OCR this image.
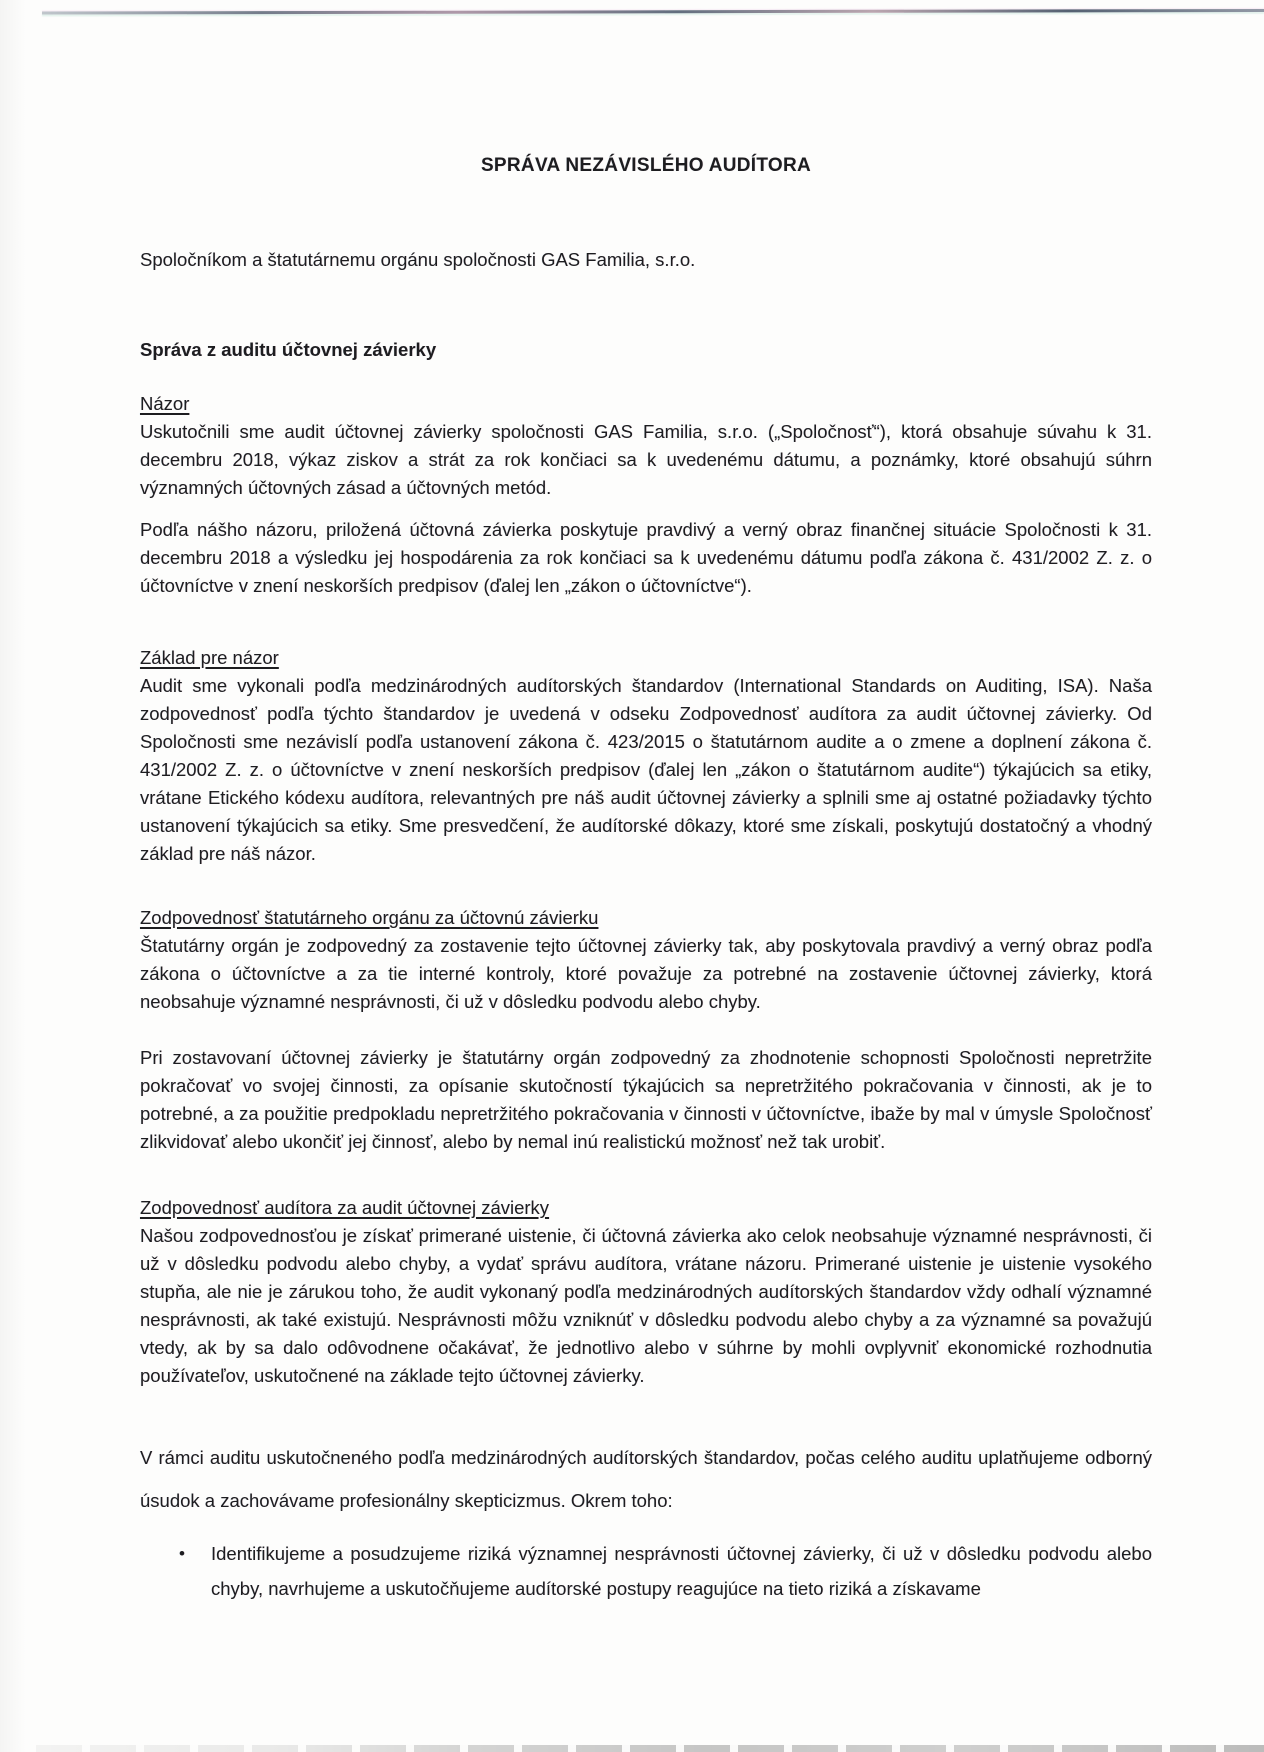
SPRÁVA NEZÁVISLÉHO AUDÍTORA

Spoločníkom a štatutárnemu orgánu spoločnosti GAS Familia, s.r.o.

Správa z auditu účtovnej závierky
Názor

Uskutočnili sme audit účtovnej závierky spoločnosti GAS Familia, s.r.o. („Spoločnosť“), ktorá obsahuje súvahu k 31. decembru 2018, výkaz ziskov a strát za rok končiaci sa k uvedenému dátumu, a poznámky, ktoré obsahujú súhrn významných účtovných zásad a účtovných metód.

Podľa nášho názoru, priložená účtovná závierka poskytuje pravdivý a verný obraz finančnej situácie Spoločnosti k 31. decembru 2018 a výsledku jej hospodárenia za rok končiaci sa k uvedenému dátumu podľa zákona č. 431/2002 Z. z. o účtovníctve v znení neskorších predpisov (ďalej len „zákon o účtovníctve“).

Základ pre názor

Audit sme vykonali podľa medzinárodných audítorských štandardov (International Standards on Auditing, ISA). Naša zodpovednosť podľa týchto štandardov je uvedená v odseku Zodpovednosť audítora za audit účtovnej závierky. Od Spoločnosti sme nezávislí podľa ustanovení zákona č. 423/2015 o štatutárnom audite a o zmene a doplnení zákona č. 431/2002 Z. z. o účtovníctve v znení neskorších predpisov (ďalej len „zákon o štatutárnom audite“) týkajúcich sa etiky, vrátane Etického kódexu audítora, relevantných pre náš audit účtovnej závierky a splnili sme aj ostatné požiadavky týchto ustanovení týkajúcich sa etiky. Sme presvedčení, že audítorské dôkazy, ktoré sme získali, poskytujú dostatočný a vhodný základ pre náš názor.

Zodpovednosť štatutárneho orgánu za účtovnú závierku

Štatutárny orgán je zodpovedný za zostavenie tejto účtovnej závierky tak, aby poskytovala pravdivý a verný obraz podľa zákona o účtovníctve a za tie interné kontroly, ktoré považuje za potrebné na zostavenie účtovnej závierky, ktorá neobsahuje významné nesprávnosti, či už v dôsledku podvodu alebo chyby.

Pri zostavovaní účtovnej závierky je štatutárny orgán zodpovedný za zhodnotenie schopnosti Spoločnosti nepretržite pokračovať vo svojej činnosti, za opísanie skutočností týkajúcich sa nepretržitého pokračovania v činnosti, ak je to potrebné, a za použitie predpokladu nepretržitého pokračovania v činnosti v účtovníctve, ibaže by mal v úmysle Spoločnosť zlikvidovať alebo ukončiť jej činnosť, alebo by nemal inú realistickú možnosť než tak urobiť.

Zodpovednosť audítora za audit účtovnej závierky

Našou zodpovednosťou je získať primerané uistenie, či účtovná závierka ako celok neobsahuje významné nesprávnosti, či už v dôsledku podvodu alebo chyby, a vydať správu audítora, vrátane názoru. Primerané uistenie je uistenie vysokého stupňa, ale nie je zárukou toho, že audit vykonaný podľa medzinárodných audítorských štandardov vždy odhalí významné nesprávnosti, ak také existujú. Nesprávnosti môžu vzniknúť v dôsledku podvodu alebo chyby a za významné sa považujú vtedy, ak by sa dalo odôvodnene očakávať, že jednotlivo alebo v súhrne by mohli ovplyvniť ekonomické rozhodnutia používateľov, uskutočnené na základe tejto účtovnej závierky.

V rámci auditu uskutočneného podľa medzinárodných audítorských štandardov, počas celého auditu uplatňujeme odborný úsudok a zachovávame profesionálny skepticizmus. Okrem toho:

• Identifikujeme a posudzujeme riziká významnej nesprávnosti účtovnej závierky, či už v dôsledku podvodu alebo chyby, navrhujeme a uskutočňujeme audítorské postupy reagujúce na tieto riziká a získavame
